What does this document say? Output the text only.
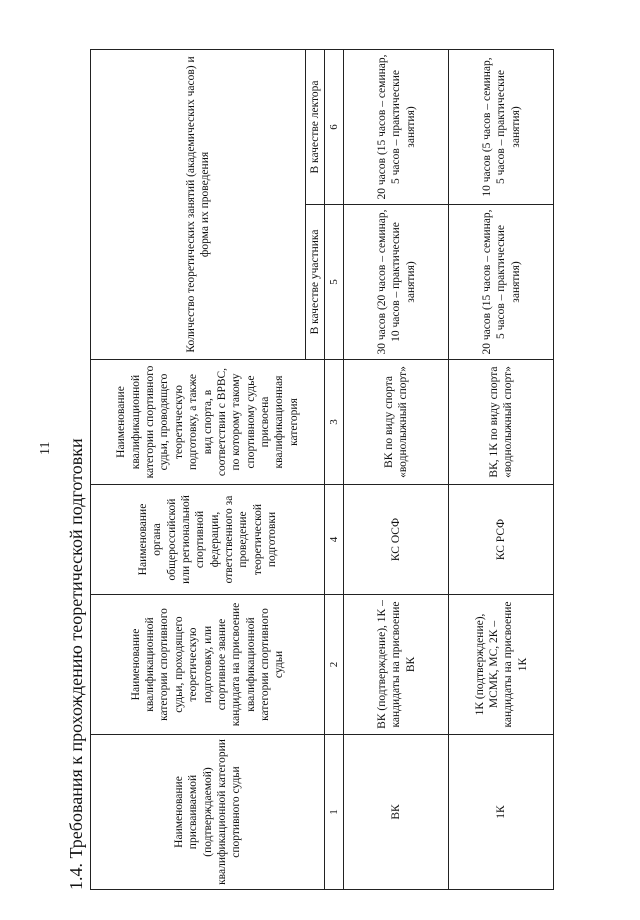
11 1.4. Требования к прохождению теоретической подготовки	Наименование присваиваемой (подтверждаемой) квалификационной категории спортивного судьи	Наименование квалификационной категории спортивного судьи, проходящего теоретическую подготовку, или спортивное звание кандидата на присвоение квалификационной категории спортивного судьи	Наименование органа общероссийской или региональной спортивной федерации, ответственного за проведение теоретической подготовки	Наименование квалификационной категории спортивного судьи, проводящего теоретическую подготовку, а также вид спорта, в соответствии с ВРВС, по которому такому спортивному судье присвоена квалификационная категория	Количество теоретических занятий (академических часов) и форма их проведения	
				В качестве участника	В качестве лектора
1	2	4	3	5	6
ВК	ВК (подтверждение), 1К – кандидаты на присвоение ВК	КС ОСФ	ВК по виду спорта «воднолыжный спорт»	30 часов (20 часов – семинар, 10 часов – практические занятия)	20 часов (15 часов – семинар, 5 часов – практические занятия)
1К	1К (подтверждение), МСМК, МС, 2К – кандидаты на присвоение 1К	КС РСФ	ВК, 1К по виду спорта «воднолыжный спорт»	20 часов (15 часов – семинар, 5 часов – практические занятия)	10 часов (5 часов – семинар, 5 часов – практические занятия)
